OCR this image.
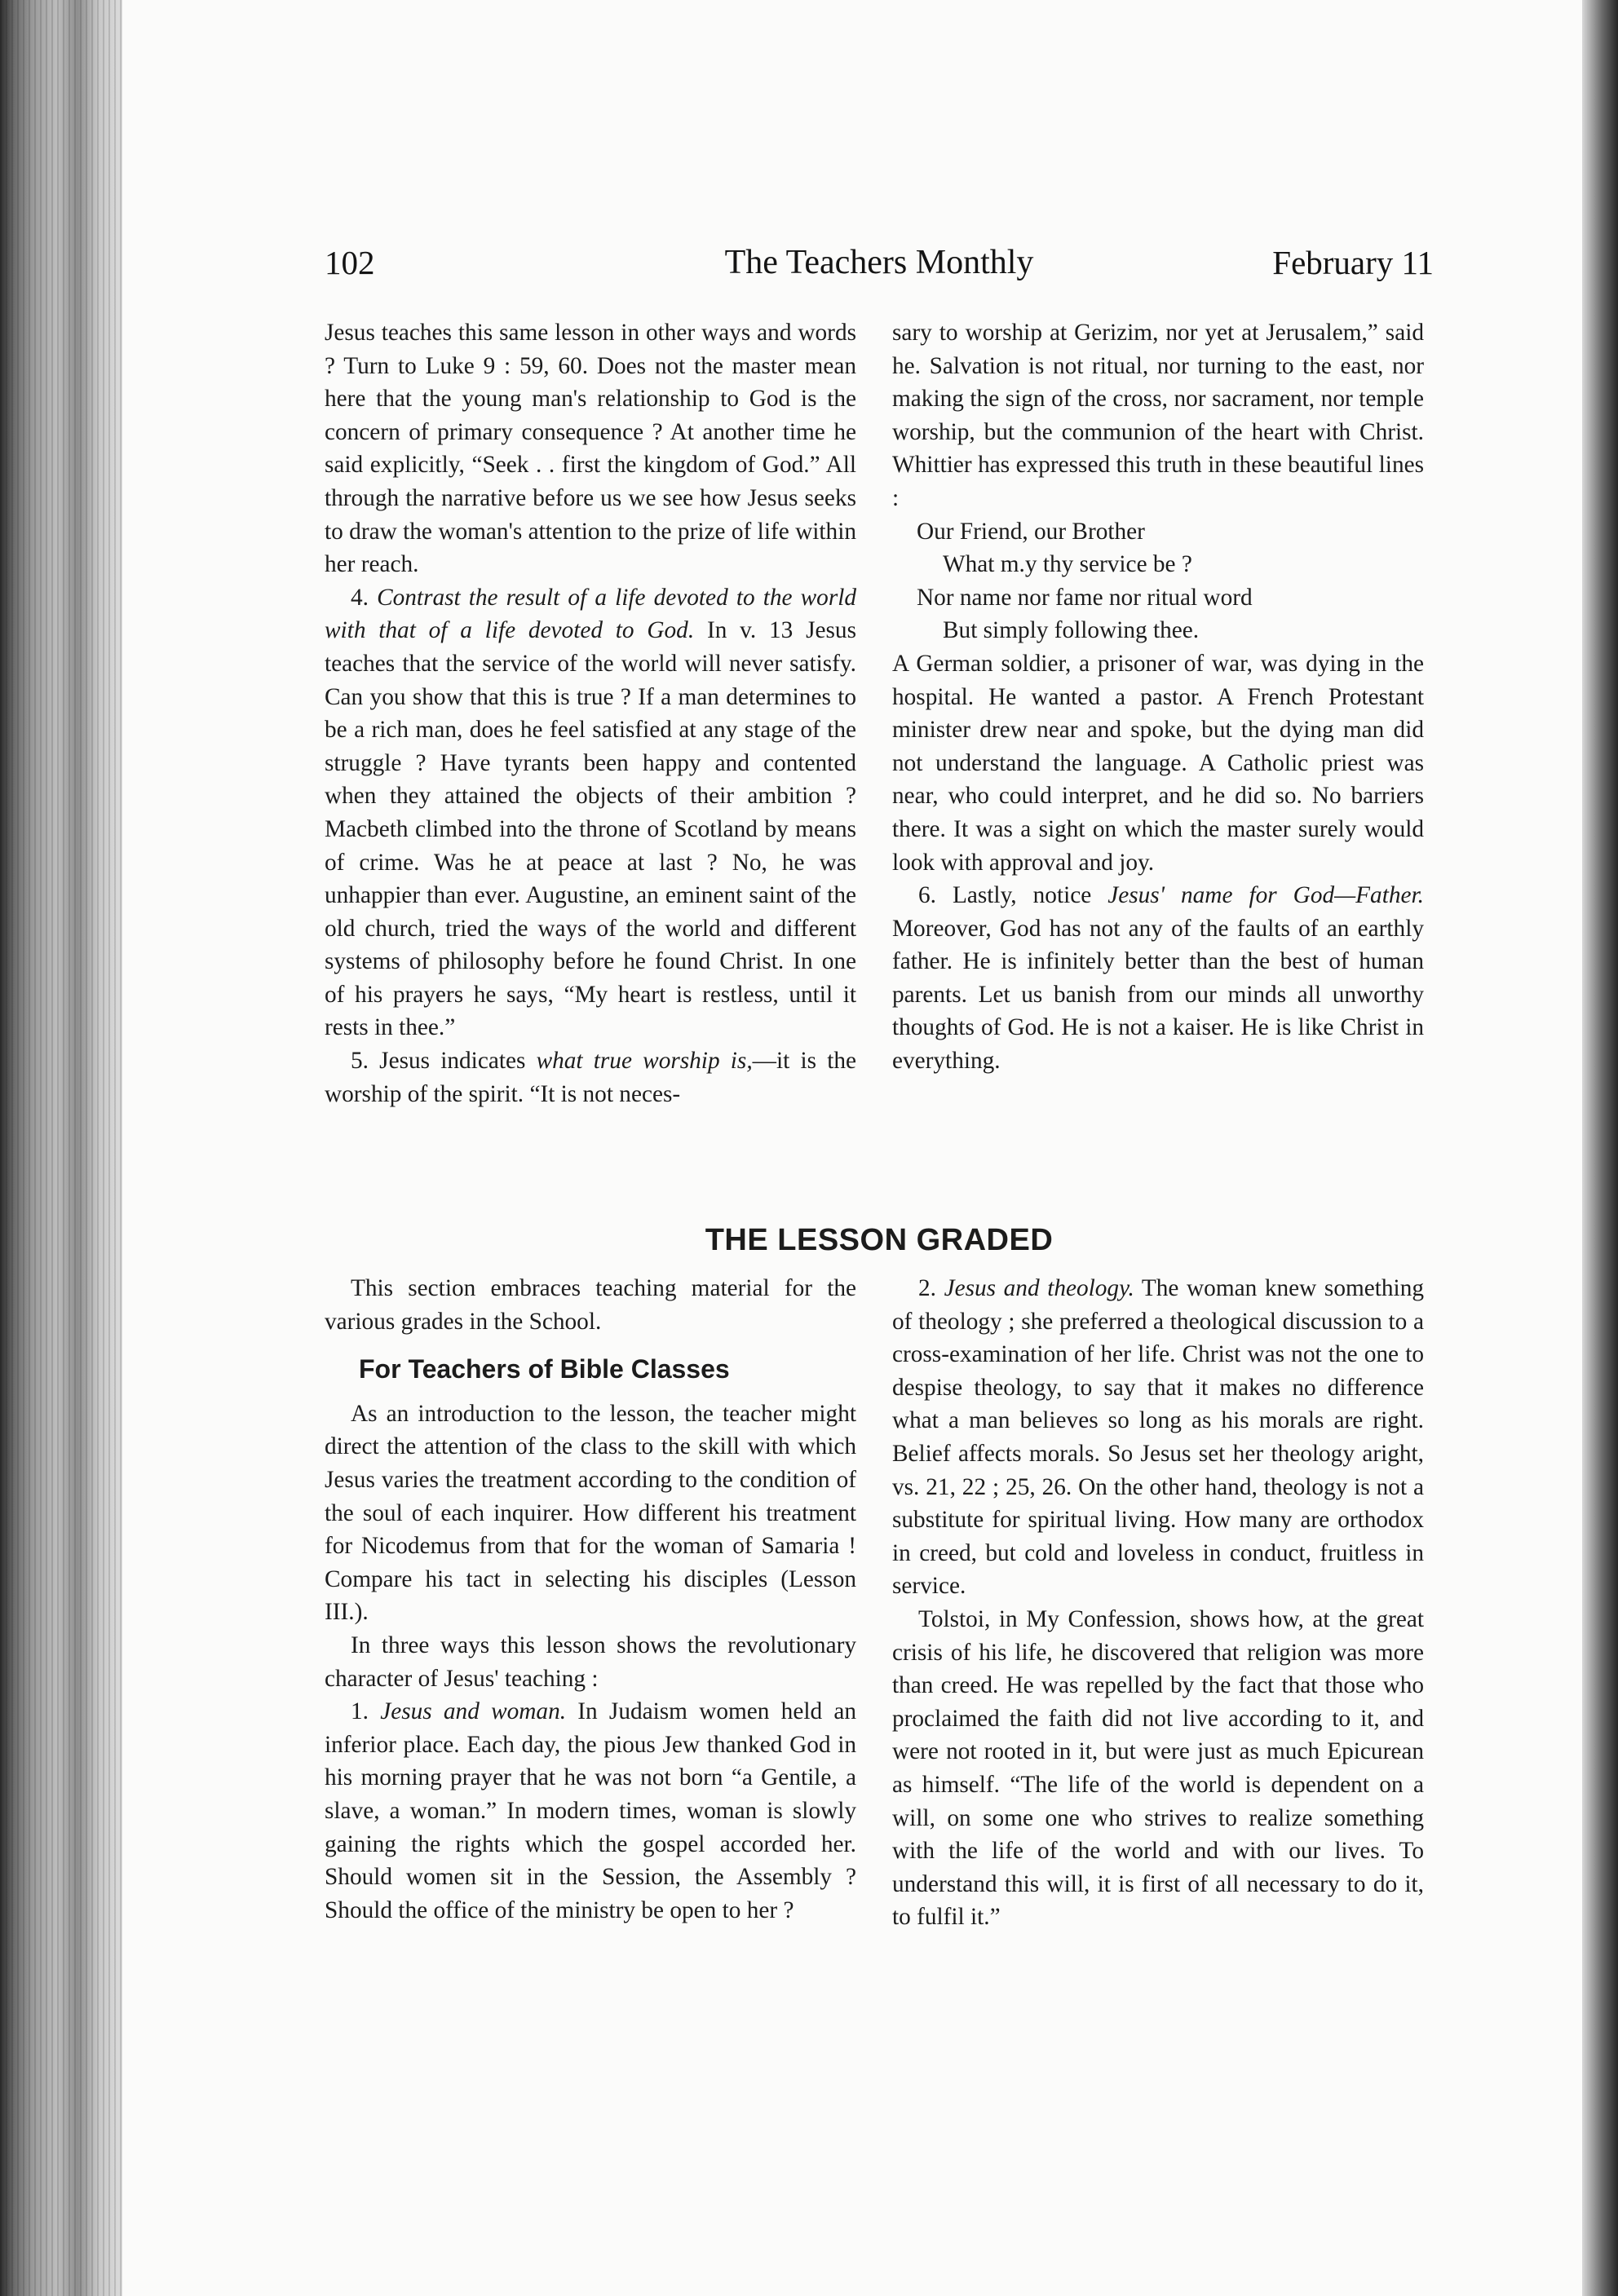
102	The Teachers Monthly	February 11

Jesus teaches this same lesson in other ways and words ? Turn to Luke 9 : 59, 60. Does not the master mean here that the young man's relationship to God is the concern of primary consequence ? At another time he said explicitly, “Seek . . first the kingdom of God.” All through the narrative before us we see how Jesus seeks to draw the woman's attention to the prize of life within her reach.

4. Contrast the result of a life devoted to the world with that of a life devoted to God. In v. 13 Jesus teaches that the service of the world will never satisfy. Can you show that this is true ? If a man determines to be a rich man, does he feel satisfied at any stage of the struggle ? Have tyrants been happy and contented when they attained the objects of their ambition ? Macbeth climbed into the throne of Scotland by means of crime. Was he at peace at last ? No, he was unhappier than ever. Augustine, an eminent saint of the old church, tried the ways of the world and different systems of philosophy before he found Christ. In one of his prayers he says, “My heart is restless, until it rests in thee.”

5. Jesus indicates what true worship is,—it is the worship of the spirit. “It is not neces-

sary to worship at Gerizim, nor yet at Jerusalem,” said he. Salvation is not ritual, nor turning to the east, nor making the sign of the cross, nor sacrament, nor temple worship, but the communion of the heart with Christ. Whittier has expressed this truth in these beautiful lines :

Our Friend, our Brother

What m.y thy service be ?

Nor name nor fame nor ritual word

But simply following thee.

A German soldier, a prisoner of war, was dying in the hospital. He wanted a pastor. A French Protestant minister drew near and spoke, but the dying man did not understand the language. A Catholic priest was near, who could interpret, and he did so. No barriers there. It was a sight on which the master surely would look with approval and joy.

6. Lastly, notice Jesus' name for God—Father. Moreover, God has not any of the faults of an earthly father. He is infinitely better than the best of human parents. Let us banish from our minds all unworthy thoughts of God. He is not a kaiser. He is like Christ in everything.

THE LESSON GRADED

This section embraces teaching material for the various grades in the School.

For Teachers of Bible Classes

As an introduction to the lesson, the teacher might direct the attention of the class to the skill with which Jesus varies the treatment according to the condition of the soul of each inquirer. How different his treatment for Nicodemus from that for the woman of Samaria ! Compare his tact in selecting his disciples (Lesson III.).

In three ways this lesson shows the revolutionary character of Jesus' teaching :

1. Jesus and woman. In Judaism women held an inferior place. Each day, the pious Jew thanked God in his morning prayer that he was not born “a Gentile, a slave, a woman.” In modern times, woman is slowly gaining the rights which the gospel accorded her. Should women sit in the Session, the Assembly ? Should the office of the ministry be open to her ?

2. Jesus and theology. The woman knew something of theology ; she preferred a theological discussion to a cross-examination of her life. Christ was not the one to despise theology, to say that it makes no difference what a man believes so long as his morals are right. Belief affects morals. So Jesus set her theology aright, vs. 21, 22 ; 25, 26. On the other hand, theology is not a substitute for spiritual living. How many are orthodox in creed, but cold and loveless in conduct, fruitless in service.

Tolstoi, in My Confession, shows how, at the great crisis of his life, he discovered that religion was more than creed. He was repelled by the fact that those who proclaimed the faith did not live according to it, and were not rooted in it, but were just as much Epicurean as himself. “The life of the world is dependent on a will, on some one who strives to realize something with the life of the world and with our lives. To understand this will, it is first of all necessary to do it, to fulfil it.”
